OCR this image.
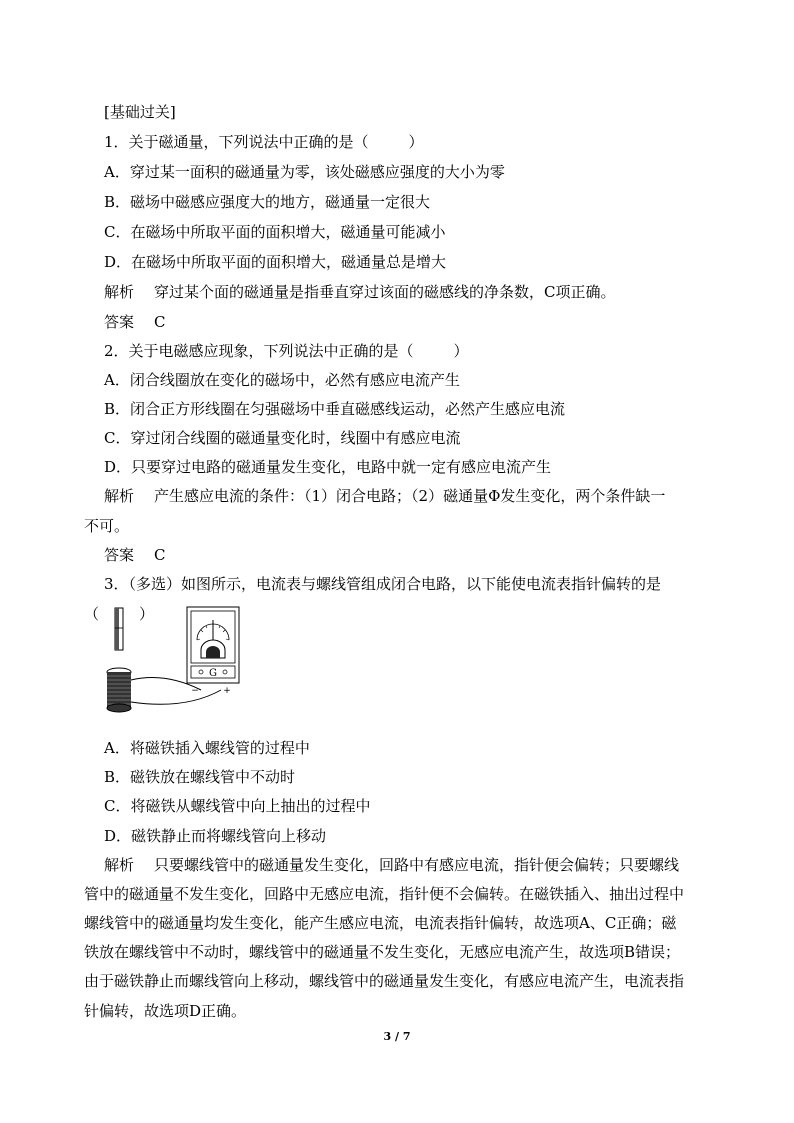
[基础过关]
1．关于磁通量，下列说法中正确的是（	）
A．穿过某一面积的磁通量为零，该处磁感应强度的大小为零
B．磁场中磁感应强度大的地方，磁通量一定很大
C．在磁场中所取平面的面积增大，磁通量可能减小
D．在磁场中所取平面的面积增大，磁通量总是增大
解析 穿过某个面的磁通量是指垂直穿过该面的磁感线的净条数，C项正确。
答案 C
2．关于电磁感应现象，下列说法中正确的是（	）
A．闭合线圈放在变化的磁场中，必然有感应电流产生
B．闭合正方形线圈在匀强磁场中垂直磁感线运动，必然产生感应电流
C．穿过闭合线圈的磁通量变化时，线圈中有感应电流
D．只要穿过电路的磁通量发生变化，电路中就一定有感应电流产生
解析 产生感应电流的条件：（1）闭合电路；（2）磁通量Φ发生变化，两个条件缺一
不可。
答案 C
3．（多选）如图所示，电流表与螺线管组成闭合电路，以下能使电流表指针偏转的是
（	）
G
−	+
A．将磁铁插入螺线管的过程中
B．磁铁放在螺线管中不动时
C．将磁铁从螺线管中向上抽出的过程中
D．磁铁静止而将螺线管向上移动
解析 只要螺线管中的磁通量发生变化，回路中有感应电流，指针便会偏转；只要螺线
管中的磁通量不发生变化，回路中无感应电流，指针便不会偏转。在磁铁插入、抽出过程中
螺线管中的磁通量均发生变化，能产生感应电流，电流表指针偏转，故选项A、C正确；磁
铁放在螺线管中不动时，螺线管中的磁通量不发生变化，无感应电流产生，故选项B错误；
由于磁铁静止而螺线管向上移动，螺线管中的磁通量发生变化，有感应电流产生，电流表指
针偏转，故选项D正确。
3 / 7
